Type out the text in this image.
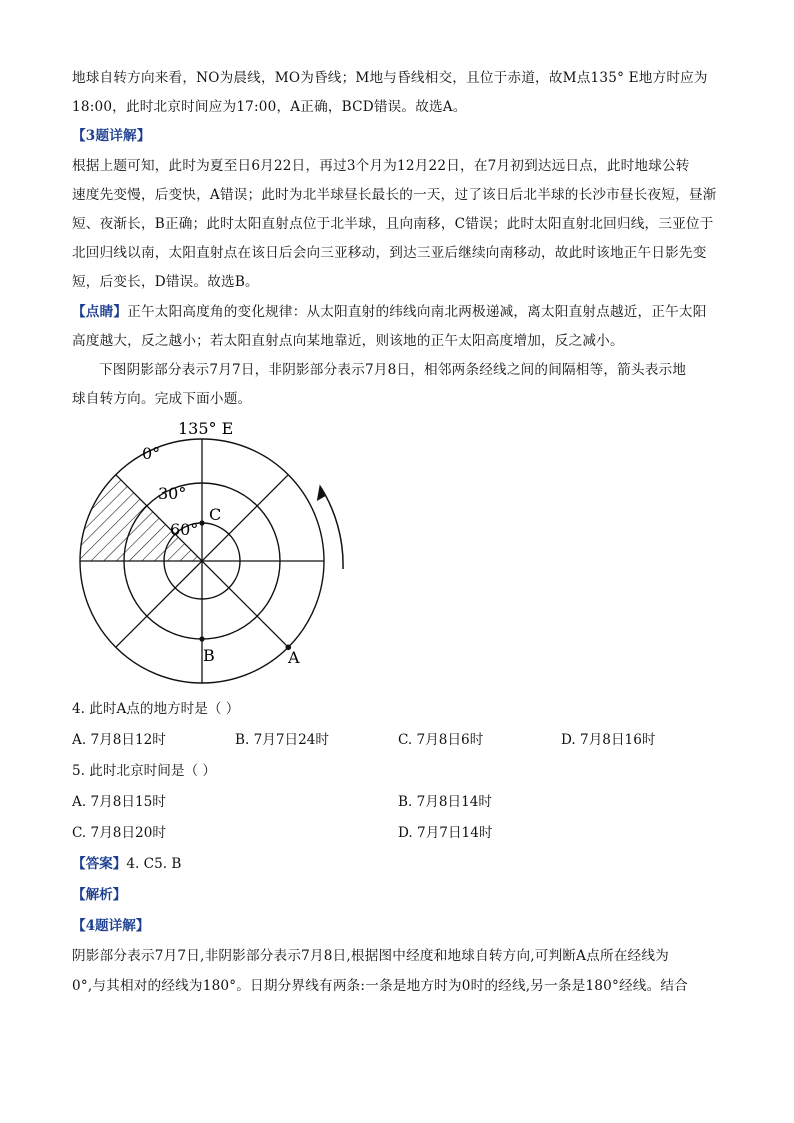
地球自转方向来看，NO为晨线，MO为昏线；M地与昏线相交，且位于赤道，故M点135° E地方时应为

18:00，此时北京时间应为17:00，A正确，BCD错误。故选A。

【3题详解】

根据上题可知，此时为夏至日6月22日，再过3个月为12月22日，在7月初到达远日点，此时地球公转

速度先变慢，后变快，A错误；此时为北半球昼长最长的一天，过了该日后北半球的长沙市昼长夜短，昼渐

短、夜渐长，B正确；此时太阳直射点位于北半球，且向南移，C错误；此时太阳直射北回归线，三亚位于

北回归线以南，太阳直射点在该日后会向三亚移动，到达三亚后继续向南移动，故此时该地正午日影先变

短，后变长，D错误。故选B。

【点睛】正午太阳高度角的变化规律：从太阳直射的纬线向南北两极递减，离太阳直射点越近，正午太阳

高度越大，反之越小；若太阳直射点向某地靠近，则该地的正午太阳高度增加，反之减小。

下图阴影部分表示7月7日，非阴影部分表示7月8日，相邻两条经线之间的间隔相等，箭头表示地

球自转方向。完成下面小题。

135° E
0°
30°
60°
C
B	A

4. 此时A点的地方时是（ ）

A. 7月8日12时	B. 7月7日24时	C. 7月8日6时	D. 7月8日16时

5. 此时北京时间是（ ）

A. 7月8日15时	B. 7月8日14时
C. 7月8日20时	D. 7月7日14时

【答案】4. C5. B

【解析】

【4题详解】

阴影部分表示7月7日,非阴影部分表示7月8日,根据图中经度和地球自转方向,可判断A点所在经线为

0°,与其相对的经线为180°。日期分界线有两条:一条是地方时为0时的经线,另一条是180°经线。结合
